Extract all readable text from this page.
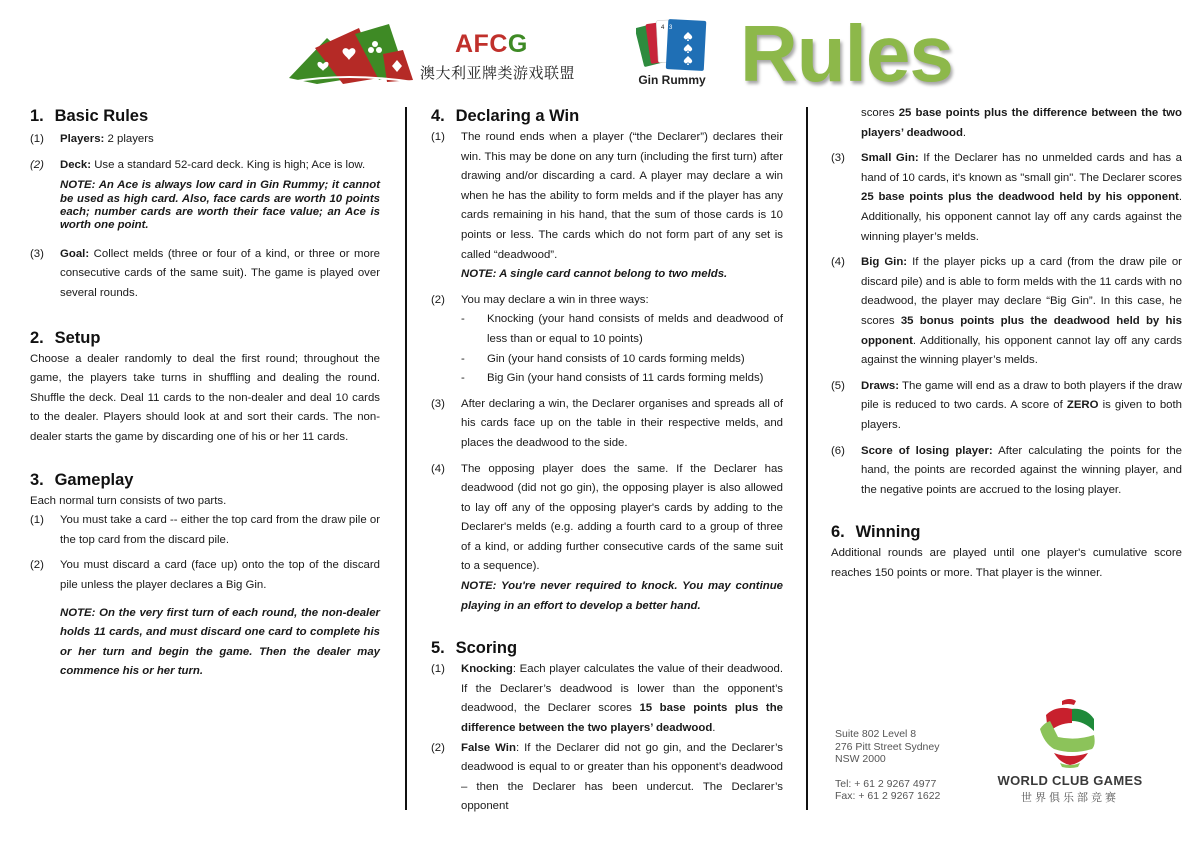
AFCG
澳大利亚牌类游戏联盟
3
4
Gin Rummy Rules
1. Basic Rules
(1) Players: 2 players
(2) Deck: Use a standard 52-card deck. King is high; Ace is low.
NOTE: An Ace is always low card in Gin Rummy; it cannot be used as high card. Also, face cards are worth 10 points each; number cards are worth their face value; an Ace is worth one point.
(3) Goal: Collect melds (three or four of a kind, or three or more consecutive cards of the same suit). The game is played over several rounds.
2. Setup
Choose a dealer randomly to deal the first round; throughout the game, the players take turns in shuffling and dealing the round. Shuffle the deck. Deal 11 cards to the non-dealer and deal 10 cards to the dealer. Players should look at and sort their cards. The non-dealer starts the game by discarding one of his or her 11 cards.
3. Gameplay
Each normal turn consists of two parts.
(1) You must take a card -- either the top card from the draw pile or the top card from the discard pile.
(2) You must discard a card (face up) onto the top of the discard pile unless the player declares a Big Gin.
NOTE: On the very first turn of each round, the non-dealer holds 11 cards, and must discard one card to complete his or her turn and begin the game. Then the dealer may commence his or her turn.
4. Declaring a Win
(1) The round ends when a player (“the Declarer”) declares their win. This may be done on any turn (including the first turn) after drawing and/or discarding a card. A player may declare a win when he has the ability to form melds and if the player has any cards remaining in his hand, that the sum of those cards is 10 points or less. The cards which do not form part of any set is called “deadwood”.
NOTE: A single card cannot belong to two melds.
(2) You may declare a win in three ways:
- Knocking (your hand consists of melds and deadwood of less than or equal to 10 points)
- Gin (your hand consists of 10 cards forming melds)
- Big Gin (your hand consists of 11 cards forming melds)
(3) After declaring a win, the Declarer organises and spreads all of his cards face up on the table in their respective melds, and places the deadwood to the side.
(4) The opposing player does the same. If the Declarer has deadwood (did not go gin), the opposing player is also allowed to lay off any of the opposing player's cards by adding to the Declarer's melds (e.g. adding a fourth card to a group of three of a kind, or adding further consecutive cards of the same suit to a sequence).
NOTE: You're never required to knock. You may continue playing in an effort to develop a better hand.
5. Scoring
(1) Knocking: Each player calculates the value of their deadwood. If the Declarer’s deadwood is lower than the opponent’s deadwood, the Declarer scores 15 base points plus the difference between the two players’ deadwood.
(2) False Win: If the Declarer did not go gin, and the Declarer’s deadwood is equal to or greater than his opponent’s deadwood – then the Declarer has been undercut. The Declarer’s opponent
scores 25 base points plus the difference between the two players’ deadwood.
(3) Small Gin: If the Declarer has no unmelded cards and has a hand of 10 cards, it's known as "small gin". The Declarer scores 25 base points plus the deadwood held by his opponent. Additionally, his opponent cannot lay off any cards against the winning player’s melds.
(4) Big Gin: If the player picks up a card (from the draw pile or discard pile) and is able to form melds with the 11 cards with no deadwood, the player may declare “Big Gin”. In this case, he scores 35 bonus points plus the deadwood held by his opponent. Additionally, his opponent cannot lay off any cards against the winning player’s melds.
(5) Draws: The game will end as a draw to both players if the draw pile is reduced to two cards. A score of ZERO is given to both players.
(6) Score of losing player: After calculating the points for the hand, the points are recorded against the winning player, and the negative points are accrued to the losing player.
6. Winning
Additional rounds are played until one player's cumulative score reaches 150 points or more. That player is the winner.
Suite 802 Level 8
276 Pitt Street Sydney
NSW 2000
Tel: + 61 2 9267 4977
Fax: + 61 2 9267 1622
WORLD CLUB GAMES
世界俱乐部竞赛
